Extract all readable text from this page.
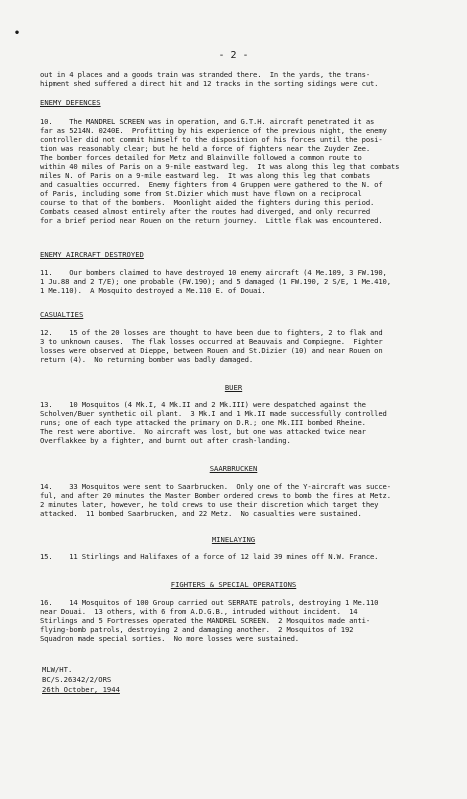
•
- 2 -
out in 4 places and a goods train was stranded there.  In the yards, the trans-
hipment shed suffered a direct hit and 12 tracks in the sorting sidings were cut.
ENEMY DEFENCES
10.    The MANDREL SCREEN was in operation, and G.T.H. aircraft penetrated it as
far as 5214N. 0240E.  Profitting by his experience of the previous night, the enemy
controller did not commit himself to the disposition of his forces until the posi-
tion was reasonably clear; but he held a force of fighters near the Zuyder Zee.
The bomber forces detailed for Metz and Blainville followed a common route to
within 40 miles of Paris on a 9-mile eastward leg.  It was along this leg that combats
miles N. of Paris on a 9-mile eastward leg.  It was along this leg that combats
and casualties occurred.  Enemy fighters from 4 Gruppen were gathered to the N. of
of Paris, including some from St.Dizier which must have flown on a reciprocal
course to that of the bombers.  Moonlight aided the fighters during this period.
Combats ceased almost entirely after the routes had diverged, and only recurred
for a brief period near Rouen on the return journey.  Little flak was encountered.
ENEMY AIRCRAFT DESTROYED
11.    Our bombers claimed to have destroyed 10 enemy aircraft (4 Me.109, 3 FW.190,
1 Ju.88 and 2 T/E); one probable (FW.190); and 5 damaged (1 FW.190, 2 S/E, 1 Me.410,
1 Me.110).  A Mosquito destroyed a Me.110 E. of Douai.
CASUALTIES
12.    15 of the 20 losses are thought to have been due to fighters, 2 to flak and
3 to unknown causes.  The flak losses occurred at Beauvais and Compiegne.  Fighter
losses were observed at Dieppe, between Rouen and St.Dizier (10) and near Rouen on
return (4).  No returning bomber was badly damaged.
BUER
13.    10 Mosquitos (4 Mk.I, 4 Mk.II and 2 Mk.III) were despatched against the
Scholven/Buer synthetic oil plant.  3 Mk.I and 1 Mk.II made successfully controlled
runs; one of each type attacked the primary on D.R.; one Mk.III bombed Rheine.
The rest were abortive.  No aircraft was lost, but one was attacked twice near
Overflakkee by a fighter, and burnt out after crash-landing.
SAARBRUCKEN
14.    33 Mosquitos were sent to Saarbrucken.  Only one of the Y-aircraft was succe-
ful, and after 20 minutes the Master Bomber ordered crews to bomb the fires at Metz.
2 minutes later, however, he told crews to use their discretion which target they
attacked.  11 bombed Saarbrucken, and 22 Metz.  No casualties were sustained.
MINELAYING
15.    11 Stirlings and Halifaxes of a force of 12 laid 39 mines off N.W. France.
FIGHTERS & SPECIAL OPERATIONS
16.    14 Mosquitos of 100 Group carried out SERRATE patrols, destroying 1 Me.110
near Douai.  13 others, with 6 from A.D.G.B., intruded without incident.  14
Stirlings and 5 Fortresses operated the MANDREL SCREEN.  2 Mosquitos made anti-
flying-bomb patrols, destroying 2 and damaging another.  2 Mosquitos of 192
Squadron made special sorties.  No more losses were sustained.
MLW/HT.
BC/S.26342/2/ORS
26th October, 1944
